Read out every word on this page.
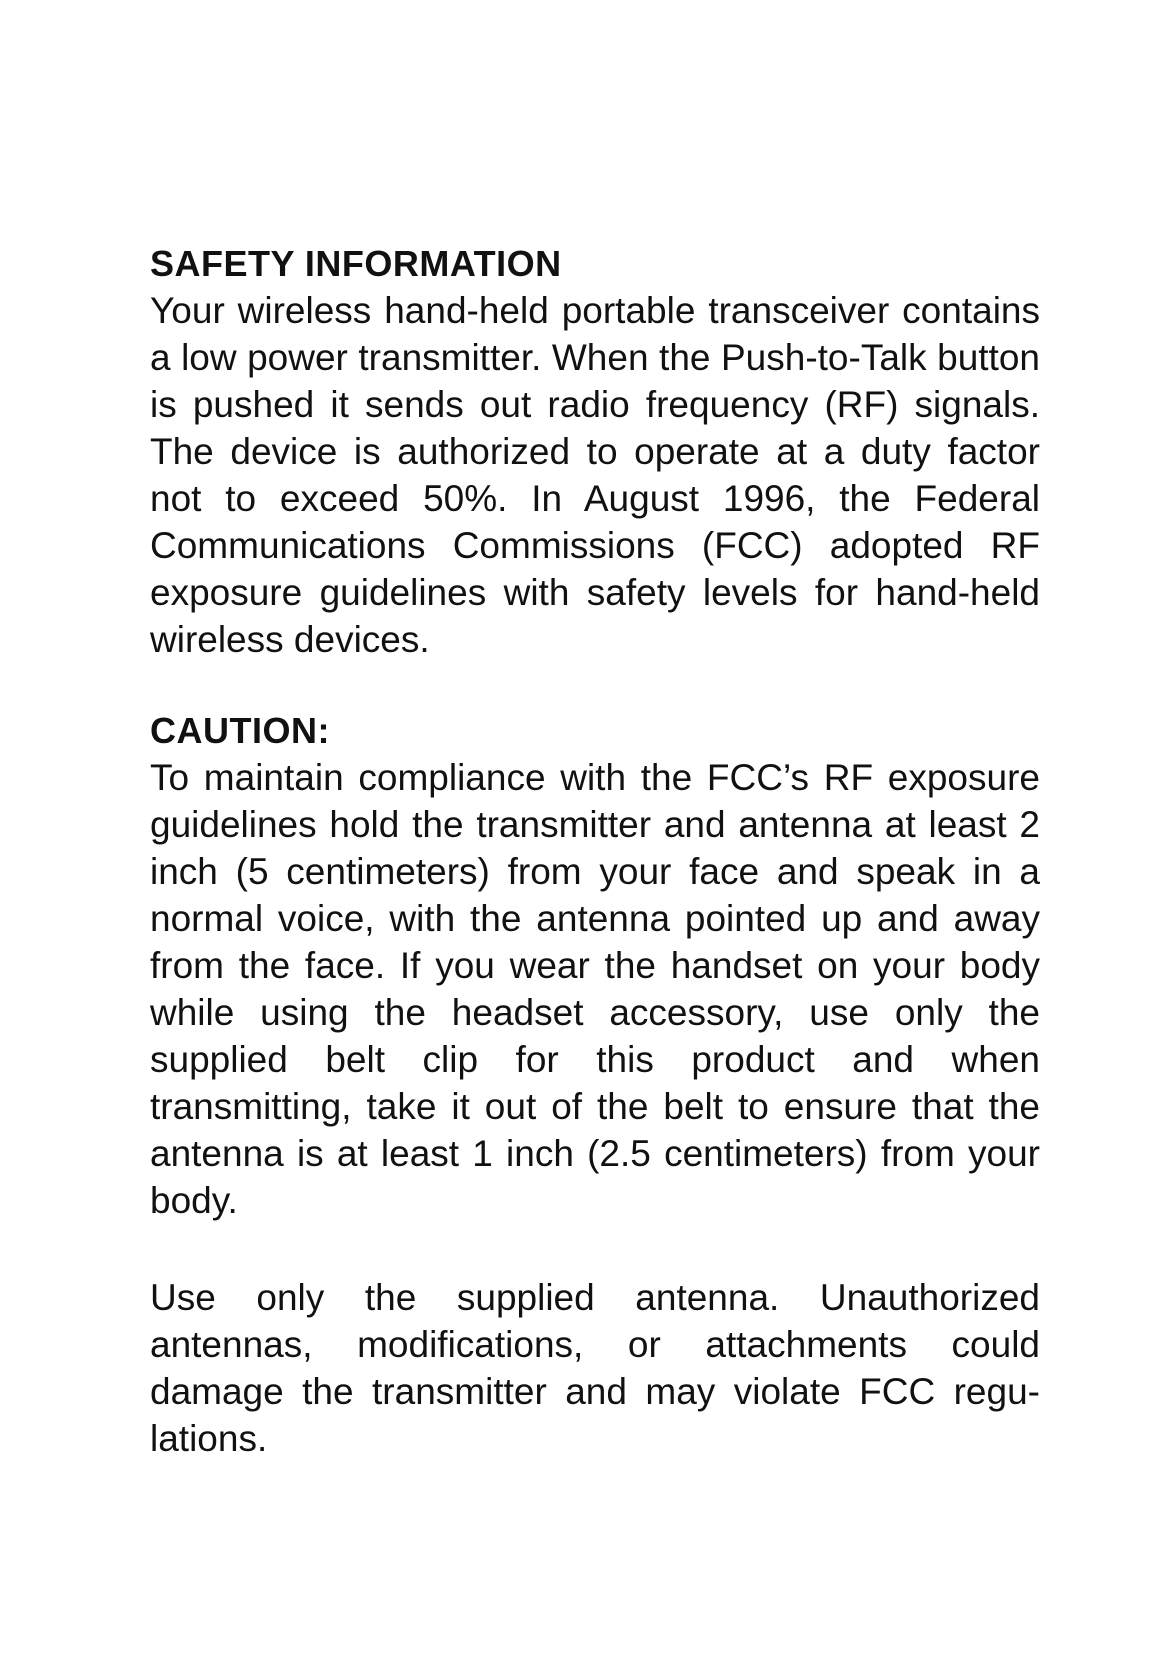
SAFETY INFORMATION

Your wireless hand-held portable transceiver contains a low power transmitter. When the Push-to-Talk button is pushed it sends out radio frequency (RF) signals. The device is authorized to operate at a duty factor not to exceed 50%. In August 1996, the Federal Communications Commissions (FCC) adopted RF exposure guidelines with safety levels for hand-held wireless devices.

CAUTION:

To maintain compliance with the FCC’s RF exposure guidelines hold the transmitter and antenna at least 2 inch (5 centimeters) from your face and speak in a normal voice, with the antenna pointed up and away from the face. If you wear the handset on your body while using the headset accessory, use only the supplied belt clip for this product and when transmitting, take it out of the belt to ensure that the antenna is at least 1 inch (2.5 centimeters) from your body.

Use only the supplied antenna. Unauthorized antennas, modifications, or attachments could damage the transmitter and may violate FCC regulations.
